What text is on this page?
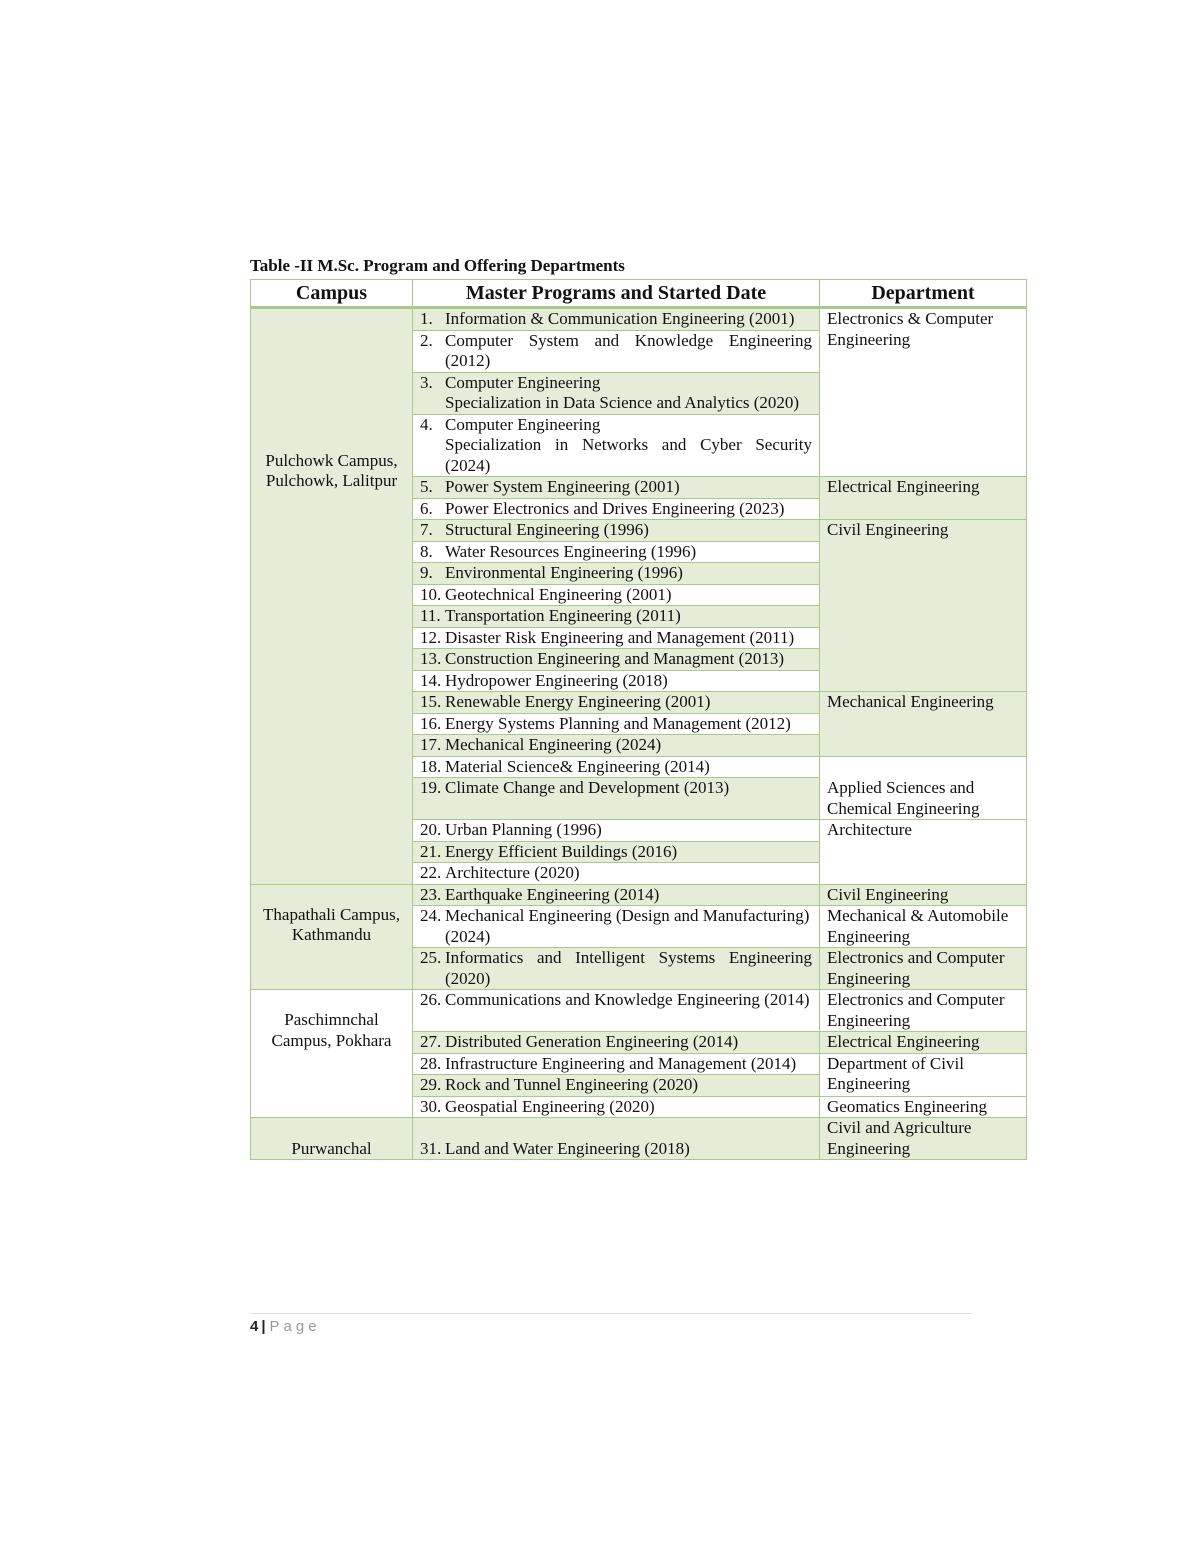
Table -II M.Sc. Program and Offering Departments
Campus	Master Programs and Started Date	Department
Pulchowk Campus, Pulchowk, Lalitpur	1. Information & Communication Engineering (2001)	Electronics & Computer Engineering

	2. Computer System and Knowledge Engineering (2012)	

	3. Computer Engineering
Specialization in Data Science and Analytics (2020)	

	4. Computer Engineering
Specialization in Networks and Cyber Security (2024)	

	5. Power System Engineering (2001)	Electrical Engineering

	6. Power Electronics and Drives Engineering (2023)	

	7. Structural Engineering (1996)	Civil Engineering

	8. Water Resources Engineering (1996)	

	9. Environmental Engineering (1996)	

	10. Geotechnical Engineering (2001)	

	11. Transportation Engineering (2011)	

	12. Disaster Risk Engineering and Management (2011)	

	13. Construction Engineering and Managment (2013)	

	14. Hydropower Engineering (2018)	

	15. Renewable Energy Engineering (2001)	Mechanical Engineering

	16. Energy Systems Planning and Management (2012)	

	17. Mechanical Engineering (2024)	

	18. Material Science& Engineering (2014)	Applied Sciences and Chemical Engineering

	19. Climate Change and Development (2013)	

	20. Urban Planning (1996)	Architecture

	21. Energy Efficient Buildings (2016)	

	22. Architecture (2020)	

Thapathali Campus, Kathmandu	23. Earthquake Engineering (2014)	Civil Engineering

	24. Mechanical Engineering (Design and Manufacturing) (2024)	Mechanical & Automobile Engineering

	25. Informatics and Intelligent Systems Engineering (2020)	Electronics and Computer Engineering
Paschimnchal Campus, Pokhara	26. Communications and Knowledge Engineering (2014)	Electronics and Computer Engineering

	27. Distributed Generation Engineering (2014)	Electrical Engineering

	28. Infrastructure Engineering and Management (2014)	Department of Civil Engineering

	29. Rock and Tunnel Engineering (2020)	

	30. Geospatial Engineering (2020)	Geomatics Engineering
Purwanchal	31. Land and Water Engineering (2018)	Civil and Agriculture Engineering
4 | Page
